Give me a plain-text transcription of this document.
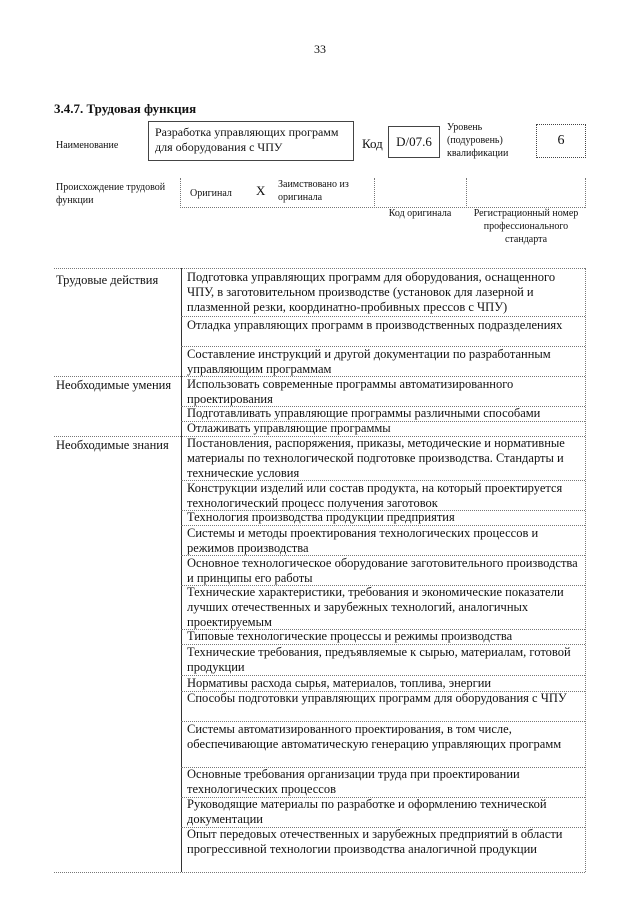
33
3.4.7. Трудовая функция
Наименование
Разработка управляющих программ для оборудования с ЧПУ	Код	D/07.6
Уровень (подуровень) квалификации
6
Происхождение трудовой функции
Оригинал X Заимствовано из оригинала
Код оригинала	Регистрационный номер профессионального стандарта
Трудовые действия	Подготовка управляющих программ для оборудования, оснащенного ЧПУ, в заготовительном производстве (установок для лазерной и плазменной резки, координатно-пробивных прессов с ЧПУ)
Отладка управляющих программ в производственных подразделениях
Составление инструкций и другой документации по разработанным управляющим программам
Необходимые умения Использовать современные программы автоматизированного проектирования
Подготавливать управляющие программы различными способами
Отлаживать управляющие программы
Необходимые знания	Постановления, распоряжения, приказы, методические и нормативные материалы по технологической подготовке производства. Стандарты и технические условия
Конструкции изделий или состав продукта, на который проектируется технологический процесс получения заготовок
Технология производства продукции предприятия
Системы и методы проектирования технологических процессов и режимов производства
Основное технологическое оборудование заготовительного производства и принципы его работы
Технические характеристики, требования и экономические показатели лучших отечественных и зарубежных технологий, аналогичных проектируемым
Типовые технологические процессы и режимы производства
Технические требования, предъявляемые к сырью, материалам, готовой продукции
Нормативы расхода сырья, материалов, топлива, энергии
Способы подготовки управляющих программ для оборудования с ЧПУ
Системы автоматизированного проектирования, в том числе, обеспечивающие автоматическую генерацию управляющих программ
Основные требования организации труда при проектировании технологических процессов
Руководящие материалы по разработке и оформлению технической документации
Опыт передовых отечественных и зарубежных предприятий в области прогрессивной технологии производства аналогичной продукции
